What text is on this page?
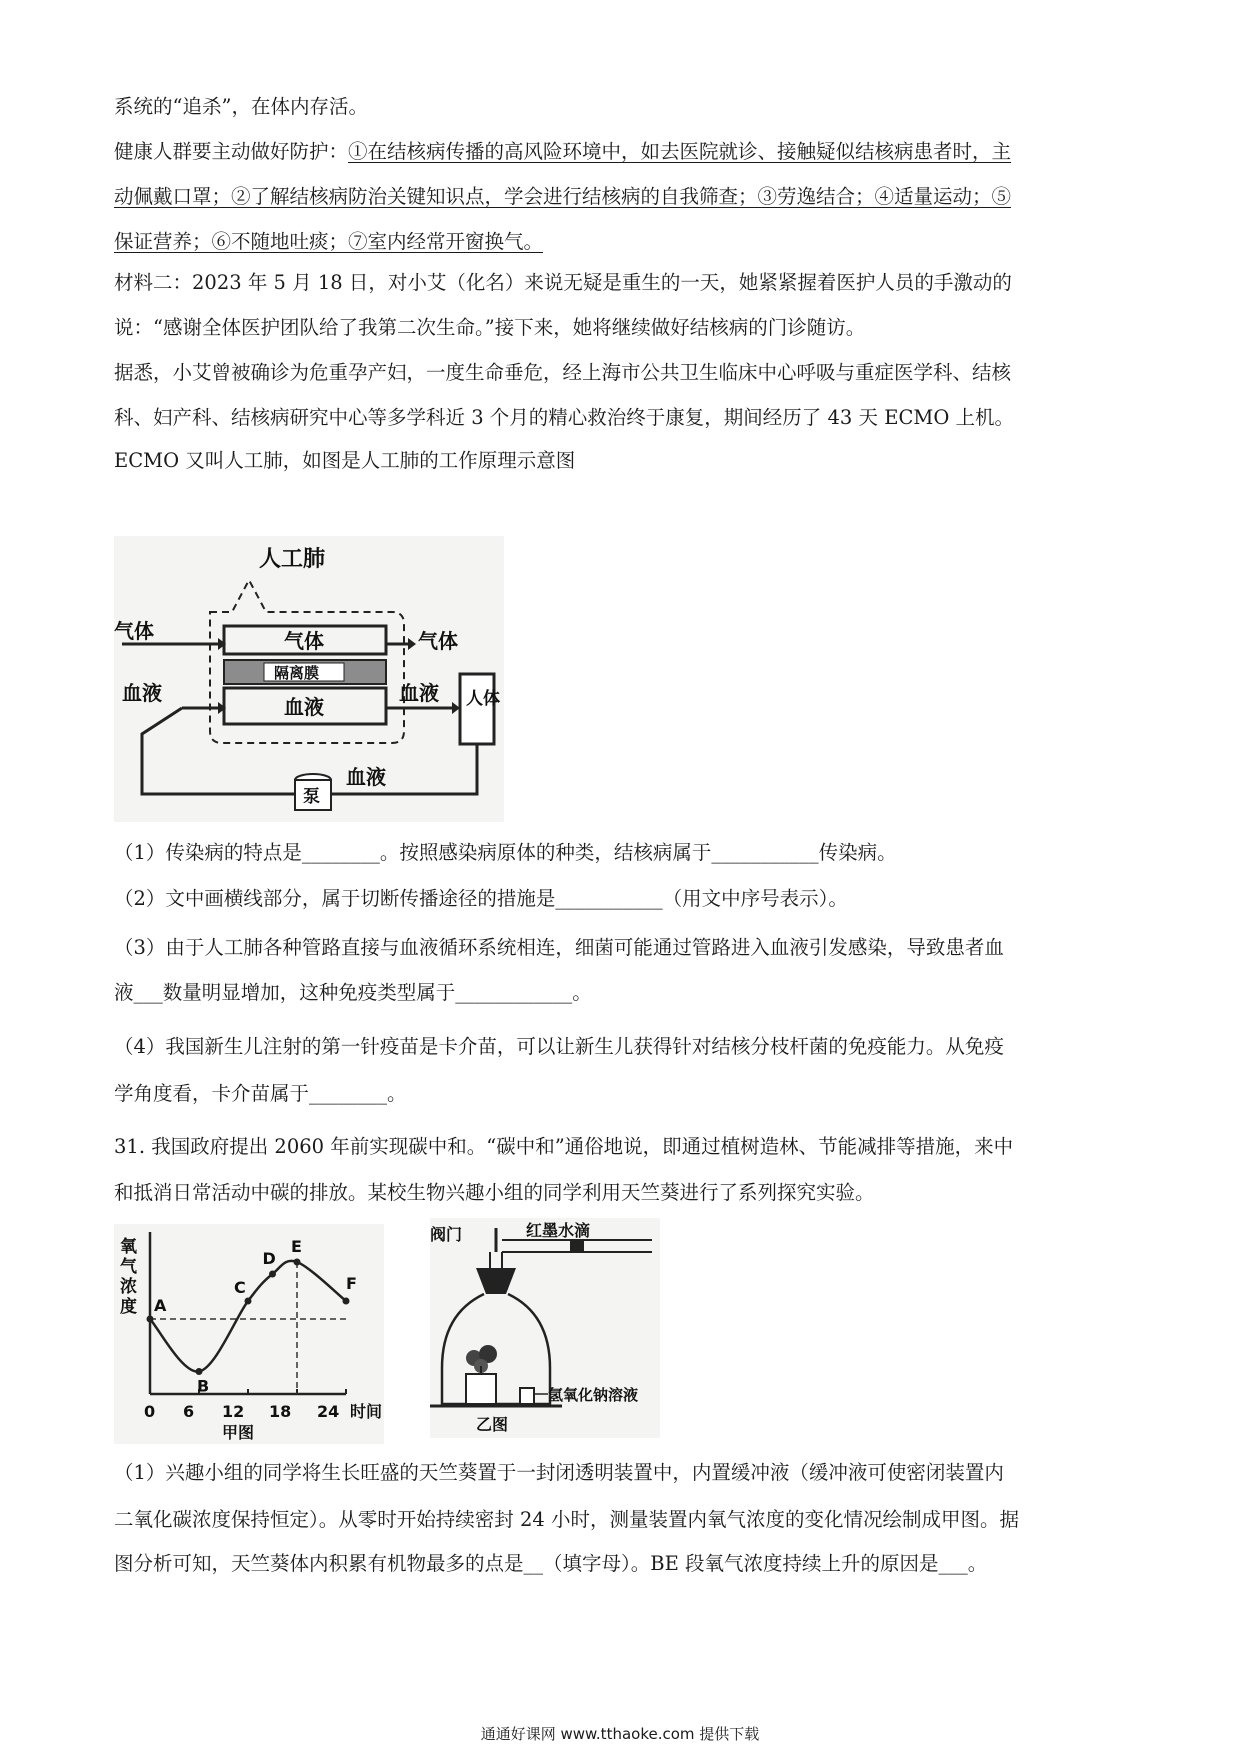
系统的“追杀”，在体内存活。
健康人群要主动做好防护：①在结核病传播的高风险环境中，如去医院就诊、接触疑似结核病患者时，主
动佩戴口罩；②了解结核病防治关键知识点，学会进行结核病的自我筛查；③劳逸结合；④适量运动；⑤
保证营养；⑥不随地吐痰；⑦室内经常开窗换气。
材料二：2023 年 5 月 18 日，对小艾（化名）来说无疑是重生的一天，她紧紧握着医护人员的手激动的
说：“感谢全体医护团队给了我第二次生命。”接下来，她将继续做好结核病的门诊随访。
据悉，小艾曾被确诊为危重孕产妇，一度生命垂危，经上海市公共卫生临床中心呼吸与重症医学科、结核
科、妇产科、结核病研究中心等多学科近 3 个月的精心救治终于康复，期间经历了 43 天 ECMO 上机。
ECMO 又叫人工肺，如图是人工肺的工作原理示意图
人工肺
气体	气体	气体
隔离膜
血液
血液
血液
血液
人体
泵
（1）传染病的特点是________。按照感染病原体的种类，结核病属于___________传染病。
（2）文中画横线部分，属于切断传播途径的措施是___________（用文中序号表示）。
（3）由于人工肺各种管路直接与血液循环系统相连，细菌可能通过管路进入血液引发感染，导致患者血
液___数量明显增加，这种免疫类型属于____________。
（4）我国新生儿注射的第一针疫苗是卡介苗，可以让新生儿获得针对结核分枝杆菌的免疫能力。从免疫
学角度看，卡介苗属于________。
31. 我国政府提出 2060 年前实现碳中和。“碳中和”通俗地说，即通过植树造林、节能减排等措施，来中
和抵消日常活动中碳的排放。某校生物兴趣小组的同学利用天竺葵进行了系列探究实验。
氧
气
浓
度
时间
0 6 12 18 24
甲图
A
B
C
D
E
F
阀门	红墨水滴
氢氧化钠溶液
乙图
（1）兴趣小组的同学将生长旺盛的天竺葵置于一封闭透明装置中，内置缓冲液（缓冲液可使密闭装置内
二氧化碳浓度保持恒定）。从零时开始持续密封 24 小时，测量装置内氧气浓度的变化情况绘制成甲图。据
图分析可知，天竺葵体内积累有机物最多的点是__（填字母）。BE 段氧气浓度持续上升的原因是___。
通通好课网 www.tthaoke.com 提供下载
